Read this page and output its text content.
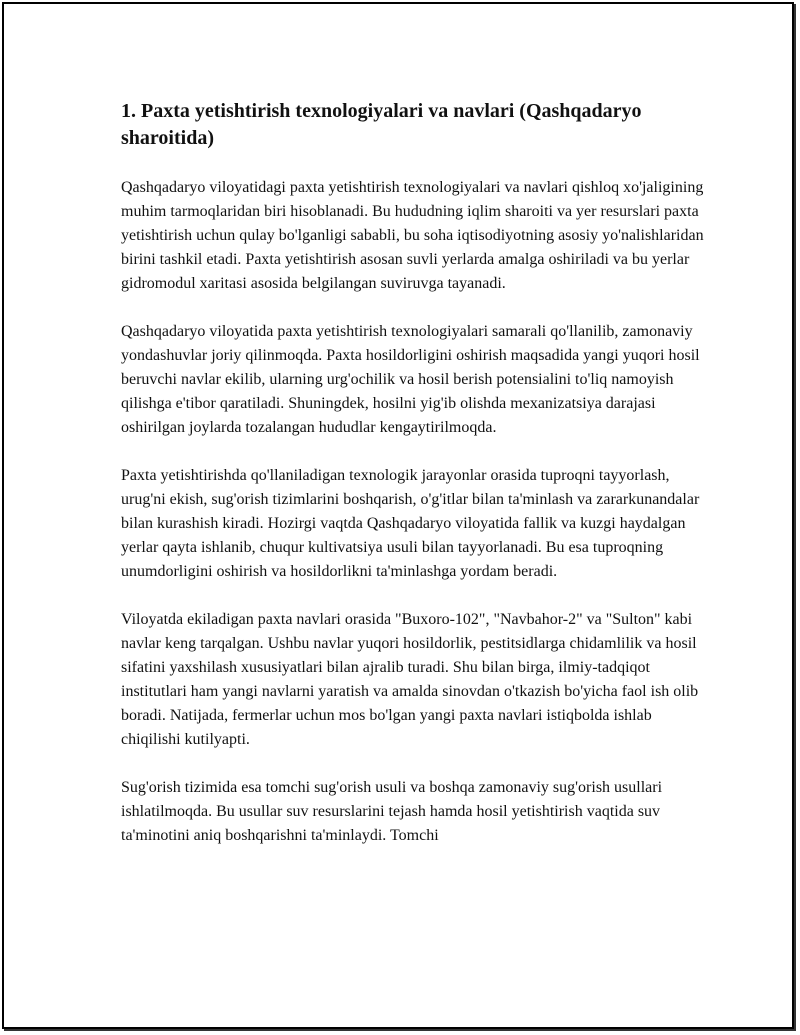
1. Paxta yetishtirish texnologiyalari va navlari (Qashqadaryo sharoitida)

Qashqadaryo viloyatidagi paxta yetishtirish texnologiyalari va navlari qishloq xo'jaligining muhim tarmoqlaridan biri hisoblanadi. Bu hududning iqlim sharoiti va yer resurslari paxta yetishtirish uchun qulay bo'lganligi sababli, bu soha iqtisodiyotning asosiy yo'nalishlaridan birini tashkil etadi. Paxta yetishtirish asosan suvli yerlarda amalga oshiriladi va bu yerlar gidromodul xaritasi asosida belgilangan suviruvga tayanadi.

Qashqadaryo viloyatida paxta yetishtirish texnologiyalari samarali qo'llanilib, zamonaviy yondashuvlar joriy qilinmoqda. Paxta hosildorligini oshirish maqsadida yangi yuqori hosil beruvchi navlar ekilib, ularning urg'ochilik va hosil berish potensialini to'liq namoyish qilishga e'tibor qaratiladi. Shuningdek, hosilni yig'ib olishda mexanizatsiya darajasi oshirilgan joylarda tozalangan hududlar kengaytirilmoqda.

Paxta yetishtirishda qo'llaniladigan texnologik jarayonlar orasida tuproqni tayyorlash, urug'ni ekish, sug'orish tizimlarini boshqarish, o'g'itlar bilan ta'minlash va zararkunandalar bilan kurashish kiradi. Hozirgi vaqtda Qashqadaryo viloyatida fallik va kuzgi haydalgan yerlar qayta ishlanib, chuqur kultivatsiya usuli bilan tayyorlanadi. Bu esa tuproqning unumdorligini oshirish va hosildorlikni ta'minlashga yordam beradi.

Viloyatda ekiladigan paxta navlari orasida "Buxoro-102", "Navbahor-2" va "Sulton" kabi navlar keng tarqalgan. Ushbu navlar yuqori hosildorlik, pestitsidlarga chidamlilik va hosil sifatini yaxshilash xususiyatlari bilan ajralib turadi. Shu bilan birga, ilmiy-tadqiqot institutlari ham yangi navlarni yaratish va amalda sinovdan o'tkazish bo'yicha faol ish olib boradi. Natijada, fermerlar uchun mos bo'lgan yangi paxta navlari istiqbolda ishlab chiqilishi kutilyapti.

Sug'orish tizimida esa tomchi sug'orish usuli va boshqa zamonaviy sug'orish usullari ishlatilmoqda. Bu usullar suv resurslarini tejash hamda hosil yetishtirish vaqtida suv ta'minotini aniq boshqarishni ta'minlaydi. Tomchi
